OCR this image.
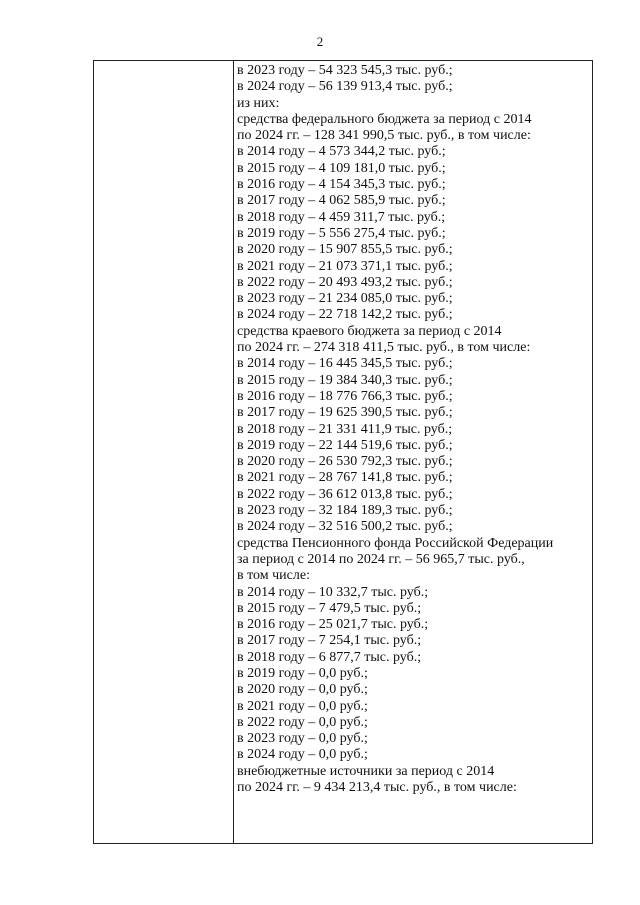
2
в 2023 году – 54 323 545,3 тыс. руб.;
в 2024 году – 56 139 913,4 тыс. руб.;
из них:
средства федерального бюджета за период с 2014
по 2024 гг. – 128 341 990,5 тыс. руб., в том числе:
в 2014 году – 4 573 344,2 тыс. руб.;
в 2015 году – 4 109 181,0 тыс. руб.;
в 2016 году – 4 154 345,3 тыс. руб.;
в 2017 году – 4 062 585,9 тыс. руб.;
в 2018 году – 4 459 311,7 тыс. руб.;
в 2019 году – 5 556 275,4 тыс. руб.;
в 2020 году – 15 907 855,5 тыс. руб.;
в 2021 году – 21 073 371,1 тыс. руб.;
в 2022 году – 20 493 493,2 тыс. руб.;
в 2023 году – 21 234 085,0 тыс. руб.;
в 2024 году – 22 718 142,2 тыс. руб.;
средства краевого бюджета за период с 2014
по 2024 гг. – 274 318 411,5 тыс. руб., в том числе:
в 2014 году – 16 445 345,5 тыс. руб.;
в 2015 году – 19 384 340,3 тыс. руб.;
в 2016 году – 18 776 766,3 тыс. руб.;
в 2017 году – 19 625 390,5 тыс. руб.;
в 2018 году – 21 331 411,9 тыс. руб.;
в 2019 году – 22 144 519,6 тыс. руб.;
в 2020 году – 26 530 792,3 тыс. руб.;
в 2021 году – 28 767 141,8 тыс. руб.;
в 2022 году – 36 612 013,8 тыс. руб.;
в 2023 году – 32 184 189,3 тыс. руб.;
в 2024 году – 32 516 500,2 тыс. руб.;
средства Пенсионного фонда Российской Федерации
за период с 2014 по 2024 гг. – 56 965,7 тыс. руб.,
в том числе:
в 2014 году – 10 332,7 тыс. руб.;
в 2015 году – 7 479,5 тыс. руб.;
в 2016 году – 25 021,7 тыс. руб.;
в 2017 году – 7 254,1 тыс. руб.;
в 2018 году – 6 877,7 тыс. руб.;
в 2019 году – 0,0 руб.;
в 2020 году – 0,0 руб.;
в 2021 году – 0,0 руб.;
в 2022 году – 0,0 руб.;
в 2023 году – 0,0 руб.;
в 2024 году – 0,0 руб.;
внебюджетные источники за период с 2014
по 2024 гг. – 9 434 213,4 тыс. руб., в том числе:
